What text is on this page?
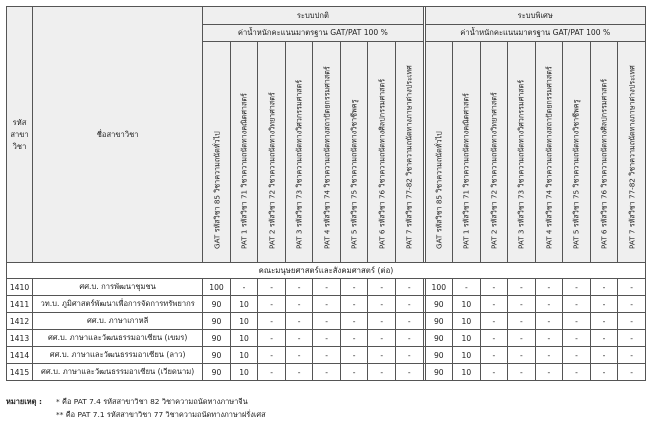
รหัส
สาขา
วิชา	ชื่อสาขาวิชา	ระบบปกติ									ระบบพิเศษ							
		ค่าน้ำหนักคะแนนมาตรฐาน GAT/PAT 100 %									ค่าน้ำหนักคะแนนมาตรฐาน GAT/PAT 100 %							

		GAT รหัสวิชา 85 วิชาความถนัดทั่วไป	PAT 1 รหัสวิชา 71 วิชาความถนัดทางคณิตศาสตร์	PAT 2 รหัสวิชา 72 วิชาความถนัดทางวิทยาศาสตร์	PAT 3 รหัสวิชา 73 วิชาความถนัดทางวิศวกรรมศาสตร์	PAT 4 รหัสวิชา 74 วิชาความถนัดทางสถาปัตยกรรมศาสตร์	PAT 5 รหัสวิชา 75 วิชาความถนัดทางวิชาชีพครู	PAT 6 รหัสวิชา 76 วิชาความถนัดทางศิลปกรรมศาสตร์	PAT 7 รหัสวิชา 77-82 วิชาความถนัดทางภาษาต่างประเทศ		GAT รหัสวิชา 85 วิชาความถนัดทั่วไป	PAT 1 รหัสวิชา 71 วิชาความถนัดทางคณิตศาสตร์	PAT 2 รหัสวิชา 72 วิชาความถนัดทางวิทยาศาสตร์	PAT 3 รหัสวิชา 73 วิชาความถนัดทางวิศวกรรมศาสตร์	PAT 4 รหัสวิชา 74 วิชาความถนัดทางสถาปัตยกรรมศาสตร์	PAT 5 รหัสวิชา 75 วิชาความถนัดทางวิชาชีพครู	PAT 6 รหัสวิชา 76 วิชาความถนัดทางศิลปกรรมศาสตร์	PAT 7 รหัสวิชา 77-82 วิชาความถนัดทางภาษาต่างประเทศ

คณะมนุษยศาสตร์และสังคมศาสตร์ (ต่อ)																		
1410	ศศ.บ. การพัฒนาชุมชน	100	-	-	-	-	-	-	-		100	-	-	-	-	-	-	-
1411	วท.บ. ภูมิศาสตร์พัฒนาเพื่อการจัดการทรัพยากร	90	10	-	-	-	-	-	-		90	10	-	-	-	-	-	-
1412	ศศ.บ. ภาษาเกาหลี	90	10	-	-	-	-	-	-		90	10	-	-	-	-	-	-
1413	ศศ.บ. ภาษาและวัฒนธรรมอาเซียน (เขมร)	90	10	-	-	-	-	-	-		90	10	-	-	-	-	-	-
1414	ศศ.บ. ภาษาและวัฒนธรรมอาเซียน (ลาว)	90	10	-	-	-	-	-	-		90	10	-	-	-	-	-	-
1415	ศศ.บ. ภาษาและวัฒนธรรมอาเซียน (เวียดนาม)	90	10	-	-	-	-	-	-		90	10	-	-	-	-	-	-
หมายเหตุ : * คือ PAT 7.4 รหัสสาขาวิชา 82 วิชาความถนัดทางภาษาจีน
** คือ PAT 7.1 รหัสสาขาวิชา 77 วิชาความถนัดทางภาษาฝรั่งเศส
